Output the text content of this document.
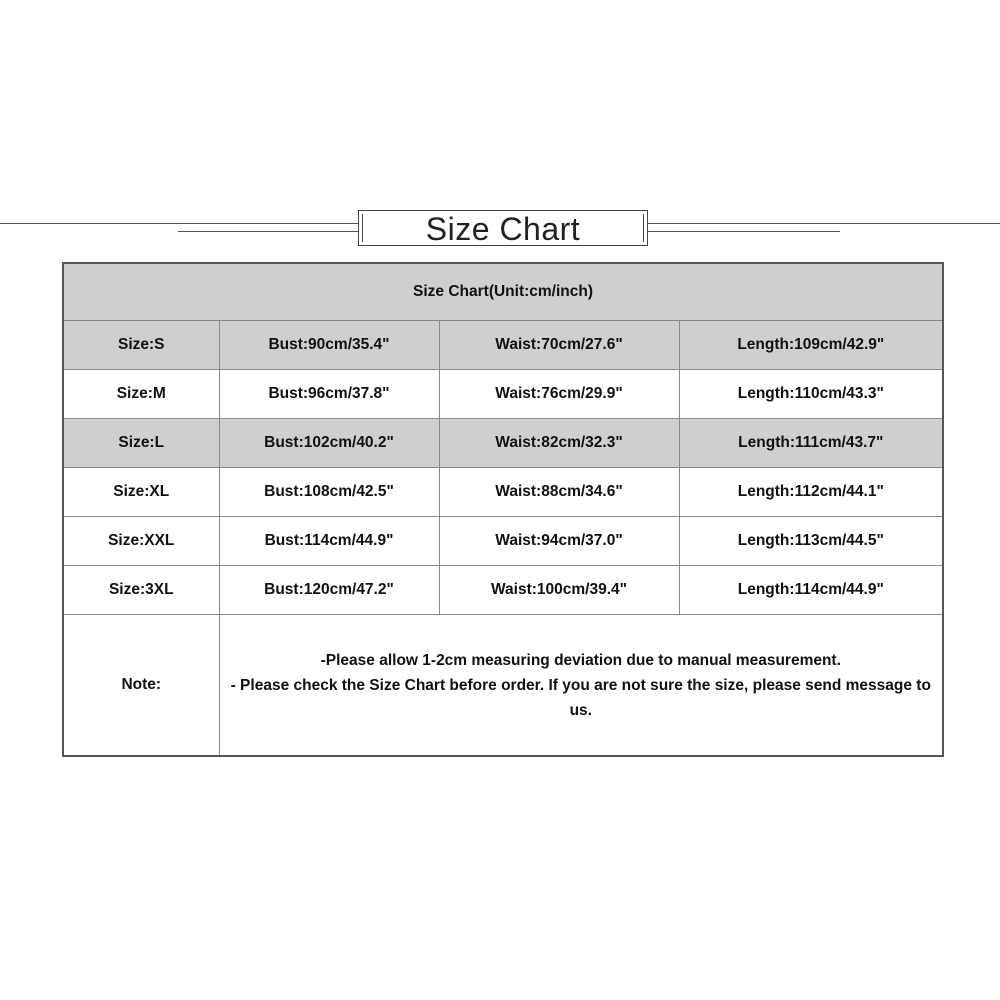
Size Chart
Size Chart(Unit:cm/inch)			
Size:S	Bust:90cm/35.4"	Waist:70cm/27.6"	Length:109cm/42.9"
Size:M	Bust:96cm/37.8"	Waist:76cm/29.9"	Length:110cm/43.3"
Size:L	Bust:102cm/40.2"	Waist:82cm/32.3"	Length:111cm/43.7"
Size:XL	Bust:108cm/42.5"	Waist:88cm/34.6"	Length:112cm/44.1"
Size:XXL	Bust:114cm/44.9"	Waist:94cm/37.0"	Length:113cm/44.5"
Size:3XL	Bust:120cm/47.2"	Waist:100cm/39.4"	Length:114cm/44.9"
Note:	-Please allow 1-2cm measuring deviation due to manual measurement.
- Please check the Size Chart before order. If you are not sure the size, please send message to us.		
